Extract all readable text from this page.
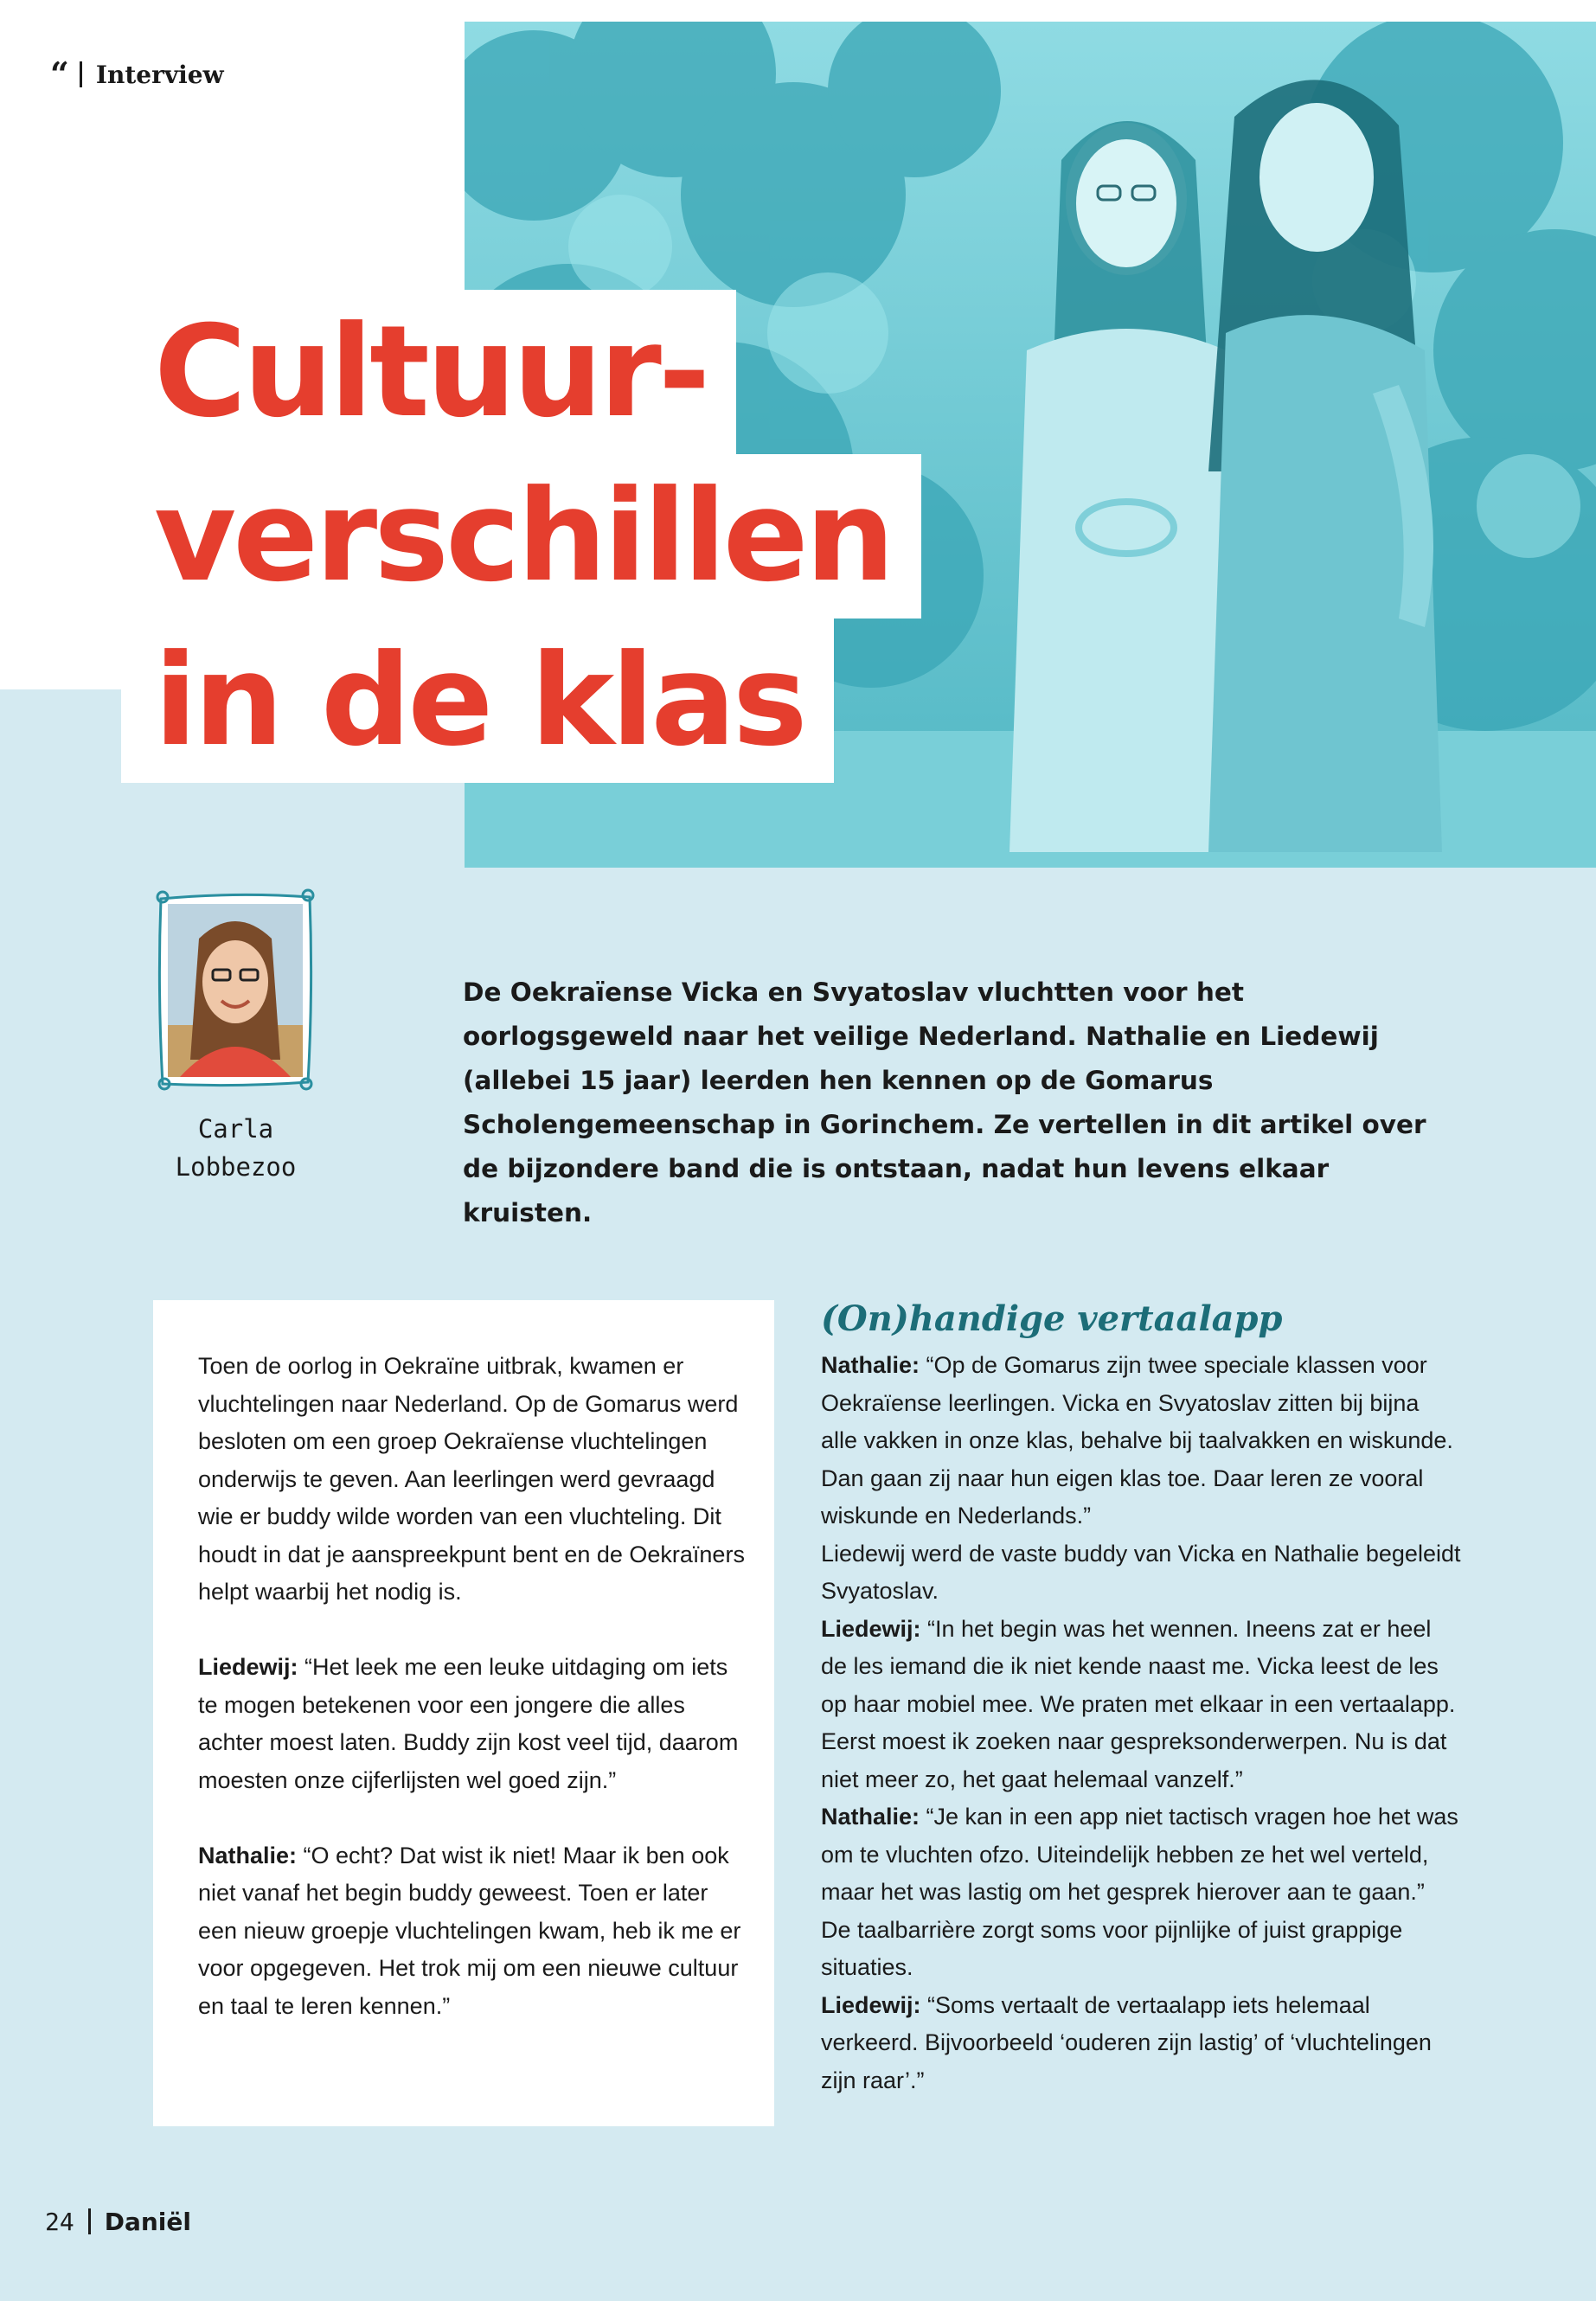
“ Interview
Cultuur-
verschillen
in de klas
Carla
Lobbezoo

De Oekraïense Vicka en Svyatoslav vluchtten voor het oorlogsgeweld naar het veilige Nederland. Nathalie en Liedewij (allebei 15 jaar) leerden hen kennen op de Gomarus Scholengemeenschap in Gorinchem. Ze vertellen in dit artikel over de bijzondere band die is ontstaan, nadat hun levens elkaar kruisten.

Toen de oorlog in Oekraïne uitbrak, kwamen er vluchtelingen naar Nederland. Op de Gomarus werd besloten om een groep Oekraïense vluchtelingen onderwijs te geven. Aan leerlingen werd gevraagd wie er buddy wilde worden van een vluchteling. Dit houdt in dat je aanspreekpunt bent en de Oekraïners helpt waarbij het nodig is.

Liedewij: “Het leek me een leuke uitdaging om iets te mogen betekenen voor een jongere die alles achter moest laten. Buddy zijn kost veel tijd, daarom moesten onze cijferlijsten wel goed zijn.”

Nathalie: “O echt? Dat wist ik niet! Maar ik ben ook niet vanaf het begin buddy geweest. Toen er later een nieuw groepje vluchtelingen kwam, heb ik me er voor opgegeven. Het trok mij om een nieuwe cultuur en taal te leren kennen.”

(On)handige vertaalapp

Nathalie: “Op de Gomarus zijn twee speciale klassen voor Oekraïense leerlingen. Vicka en Svyatoslav zitten bij bijna alle vakken in onze klas, behalve bij taalvakken en wiskunde. Dan gaan zij naar hun eigen klas toe. Daar leren ze vooral wiskunde en Nederlands.”

Liedewij werd de vaste buddy van Vicka en Nathalie begeleidt Svyatoslav.

Liedewij: “In het begin was het wennen. Ineens zat er heel de les iemand die ik niet kende naast me. Vicka leest de les op haar mobiel mee. We praten met elkaar in een vertaalapp. Eerst moest ik zoeken naar gespreksonderwerpen. Nu is dat niet meer zo, het gaat helemaal vanzelf.”

Nathalie: “Je kan in een app niet tactisch vragen hoe het was om te vluchten ofzo. Uiteindelijk hebben ze het wel verteld, maar het was lastig om het gesprek hierover aan te gaan.”

De taalbarrière zorgt soms voor pijnlijke of juist grappige situaties.

Liedewij: “Soms vertaalt de vertaalapp iets helemaal verkeerd. Bijvoorbeeld ‘ouderen zijn lastig’ of ‘vluchtelingen zijn raar’.”

24 Daniël
